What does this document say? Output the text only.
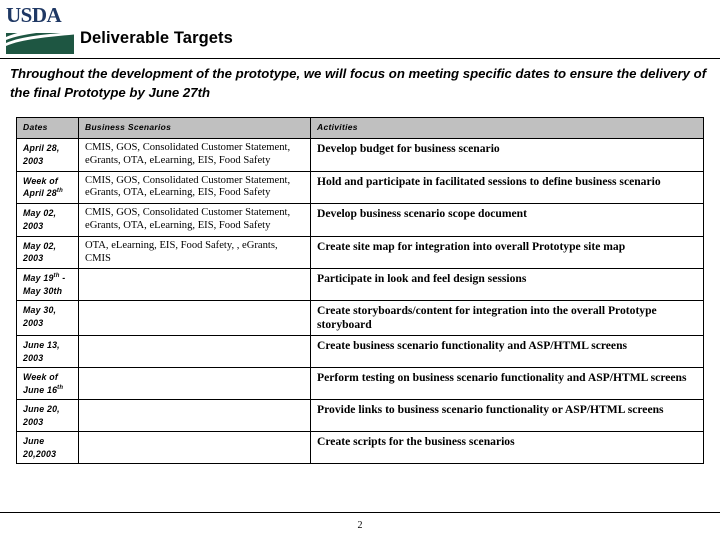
USDA
Deliverable Targets
Throughout the development of the prototype, we will focus on meeting specific dates to ensure the delivery of the final Prototype by June 27th
Dates	Business Scenarios	Activities
April 28,
2003	CMIS, GOS, Consolidated Customer Statement, eGrants, OTA, eLearning, EIS, Food Safety	Develop budget for business scenario
Week of
April 28th	CMIS, GOS, Consolidated Customer Statement, eGrants, OTA, eLearning, EIS, Food Safety	Hold and participate in facilitated sessions to define business scenario
May 02,
2003	CMIS, GOS, Consolidated Customer Statement, eGrants, OTA, eLearning, EIS, Food Safety	Develop business scenario scope document
May 02,
2003	OTA, eLearning, EIS, Food Safety, , eGrants, CMIS	Create site map for integration into overall Prototype site map
May 19th -
May 30th		Participate in look and feel design sessions
May 30,
2003		Create storyboards/content for integration into the overall Prototype storyboard
June 13,
2003		Create business scenario functionality and ASP/HTML screens
Week of
June 16th		Perform testing on business scenario functionality and ASP/HTML screens
June 20,
2003		Provide links to business scenario functionality or ASP/HTML screens
June
20,2003		Create scripts for the business scenarios
2
